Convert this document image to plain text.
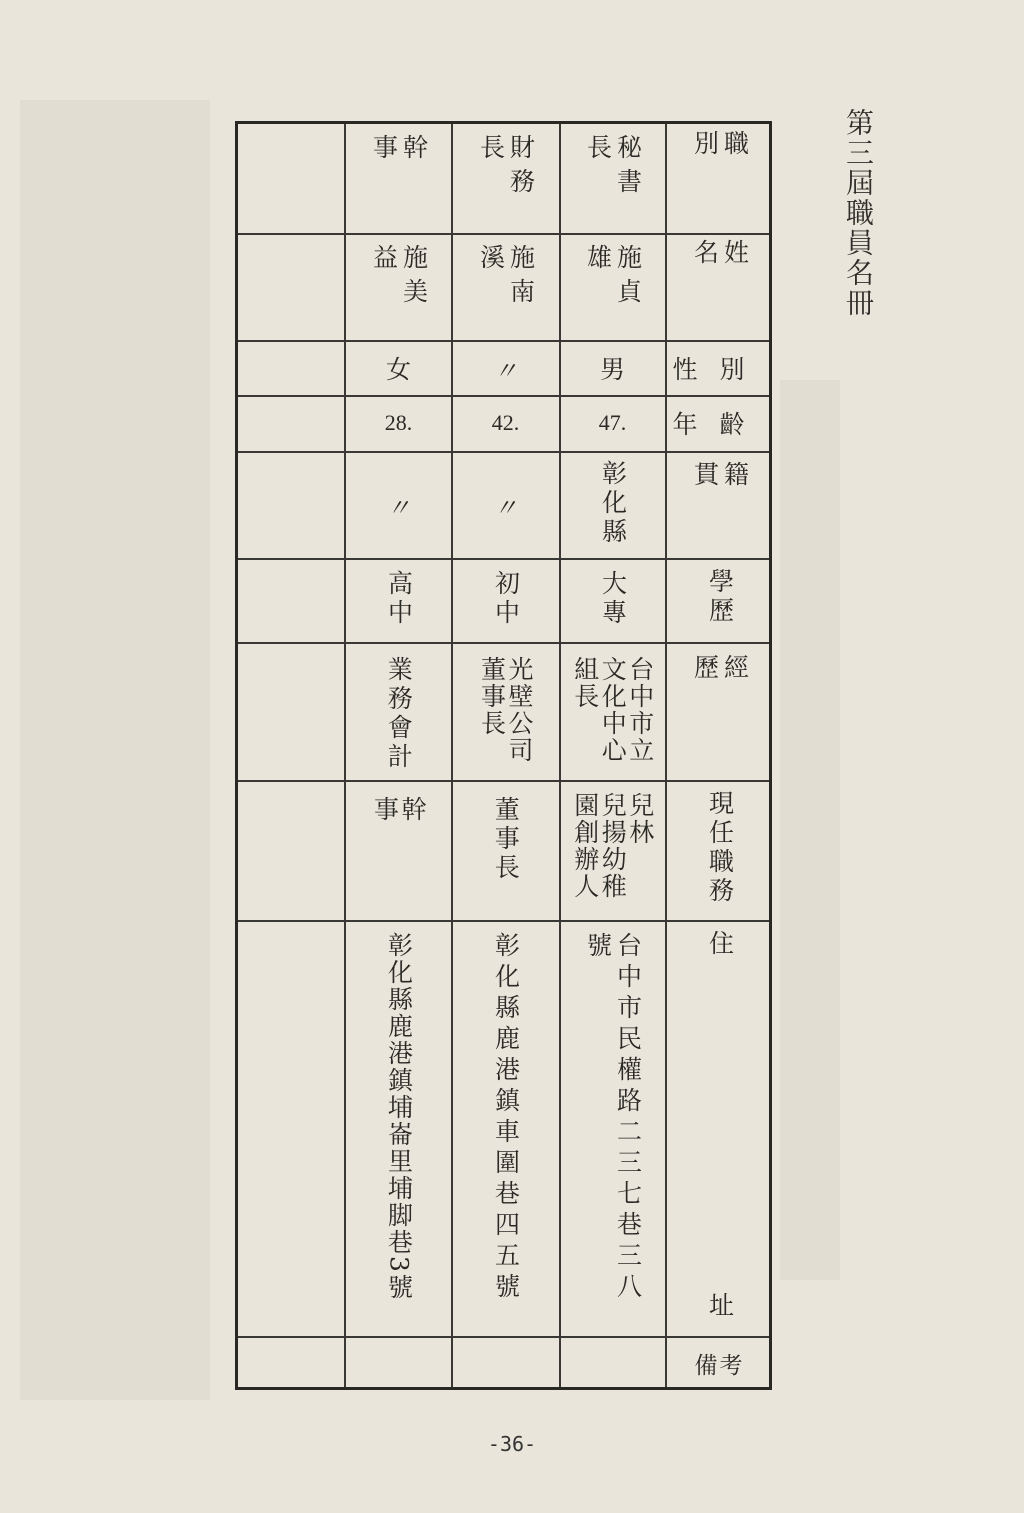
第三屆職員名冊
職別
姓名
性別
年齡
籍貫
學歷
經歷
現任職務
住
址
備考
秘書長
施貞雄
男
47.
彰化縣
大專
台中市立
文化中心
組長
兒林
兒揚幼稚
園創辦人
台中市民權路二三七巷三八號
財務長
施南溪
〃
42.
〃
初中
光壁公司
董事長
董事長
彰化縣鹿港鎮車圍巷四五號
幹事
施美益
女
28.
〃
高中
業務會計
幹事
彰化縣鹿港鎮埔崙里埔脚巷3號
-36-
